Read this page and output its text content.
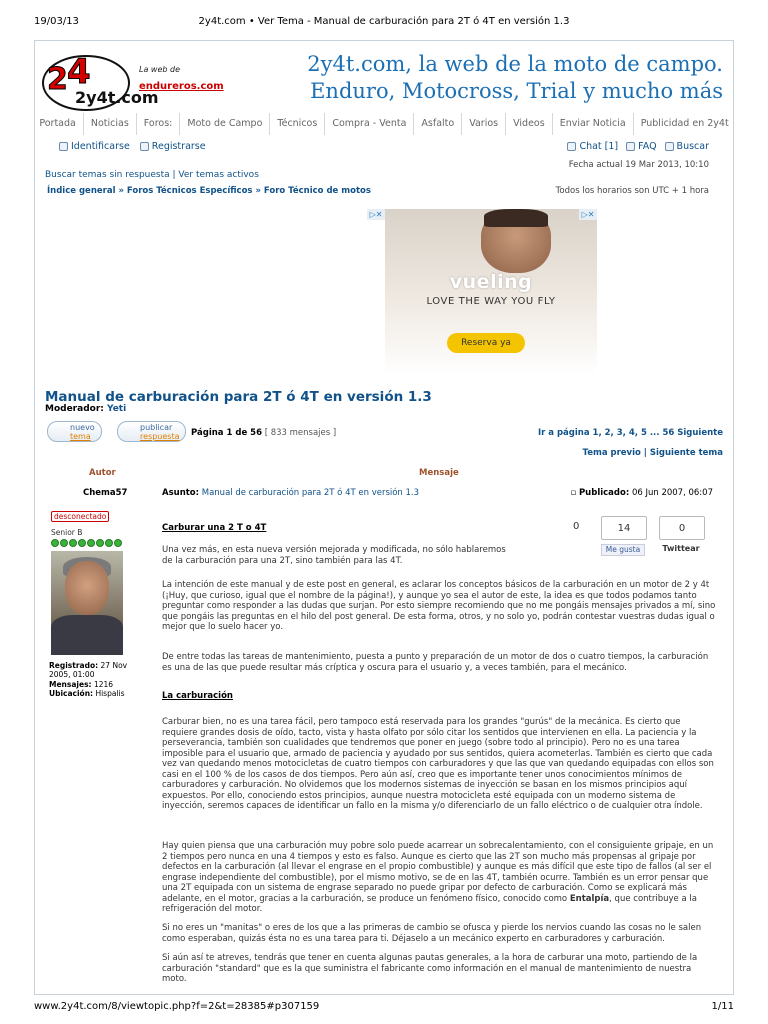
19/03/13	2y4t.com • Ver Tema - Manual de carburación para 2T ó 4T en versión 1.3
2 4
2y4t.com
La web de
endureros.com
2y4t.com, la web de la moto de campo.
Enduro, Motocross, Trial y mucho más
Portada	Noticias	Foros:	Moto de Campo	Técnicos	Compra - Venta	Asfalto	Varios	Videos	Enviar Noticia	Publicidad en 2y4t
Identificarse Registrarse	Chat [1] FAQ Buscar
Fecha actual 19 Mar 2013, 10:10
Buscar temas sin respuesta | Ver temas activos
Índice general » Foros Técnicos Específicos » Foro Técnico de motos	Todos los horarios son UTC + 1 hora
vueling
LOVE THE WAY YOU FLY
Reserva ya
▷✕	▷✕
Manual de carburación para 2T ó 4T en versión 1.3
Moderador: Yeti
nuevo
tema
publicar
respuesta Página 1 de 56 [ 833 mensajes ]	Ir a página 1, 2, 3, 4, 5 ... 56 Siguiente
Tema previo | Siguiente tema
Autor	Mensaje
Chema57	Asunto: Manual de carburación para 2T ó 4T en versión 1.3	▫ Publicado: 06 Jun 2007, 06:07
desconectado
Senior B
Registrado: 27 Nov 2005, 01:00
Mensajes: 1216
Ubicación: Hispalis
0	14	0
Me gusta	Twittear
Carburar una 2 T o 4T
Una vez más, en esta nueva versión mejorada y modificada, no sólo hablaremos de la carburación para una 2T, sino también para las 4T.
La intención de este manual y de este post en general, es aclarar los conceptos básicos de la carburación en un motor de 2 y 4t (¡Huy, que curioso, igual que el nombre de la página!), y aunque yo sea el autor de este, la idea es que todos podamos tanto preguntar como responder a las dudas que surjan. Por esto siempre recomiendo que no me pongáis mensajes privados a mí, sino que pongáis las preguntas en el hilo del post general. De esta forma, otros, y no solo yo, podrán contestar vuestras dudas igual o mejor que lo suelo hacer yo.
De entre todas las tareas de mantenimiento, puesta a punto y preparación de un motor de dos o cuatro tiempos, la carburación es una de las que puede resultar más críptica y oscura para el usuario y, a veces también, para el mecánico.
La carburación
Carburar bien, no es una tarea fácil, pero tampoco está reservada para los grandes "gurús" de la mecánica. Es cierto que requiere grandes dosis de oído, tacto, vista y hasta olfato por sólo citar los sentidos que intervienen en ella. La paciencia y la perseverancia, también son cualidades que tendremos que poner en juego (sobre todo al principio). Pero no es una tarea imposible para el usuario que, armado de paciencia y ayudado por sus sentidos, quiera acometerlas. También es cierto que cada vez van quedando menos motocicletas de cuatro tiempos con carburadores y que las que van quedando equipadas con ellos son casi en el 100 % de los casos de dos tiempos. Pero aún así, creo que es importante tener unos conocimientos mínimos de carburadores y carburación. No olvidemos que los modernos sistemas de inyección se basan en los mismos principios aquí expuestos. Por ello, conociendo estos principios, aunque nuestra motocicleta esté equipada con un moderno sistema de inyección, seremos capaces de identificar un fallo en la misma y/o diferenciarlo de un fallo eléctrico o de cualquier otra índole.
Hay quien piensa que una carburación muy pobre solo puede acarrear un sobrecalentamiento, con el consiguiente gripaje, en un 2 tiempos pero nunca en una 4 tiempos y esto es falso. Aunque es cierto que las 2T son mucho más propensas al gripaje por defectos en la carburación (al llevar el engrase en el propio combustible) y aunque es más difícil que este tipo de fallos (al ser el engrase independiente del combustible), por el mismo motivo, se de en las 4T, también ocurre. También es un error pensar que una 2T equipada con un sistema de engrase separado no puede gripar por defecto de carburación. Como se explicará más adelante, en el motor, gracias a la carburación, se produce un fenómeno físico, conocido como Entalpía, que contribuye a la refrigeración del motor.
Si no eres un "manitas" o eres de los que a las primeras de cambio se ofusca y pierde los nervios cuando las cosas no le salen como esperaban, quizás ésta no es una tarea para ti. Déjaselo a un mecánico experto en carburadores y carburación.
Si aún así te atreves, tendrás que tener en cuenta algunas pautas generales, a la hora de carburar una moto, partiendo de la carburación "standard" que es la que suministra el fabricante como información en el manual de mantenimiento de nuestra moto.
www.2y4t.com/8/viewtopic.php?f=2&t=28385#p307159	1/11
